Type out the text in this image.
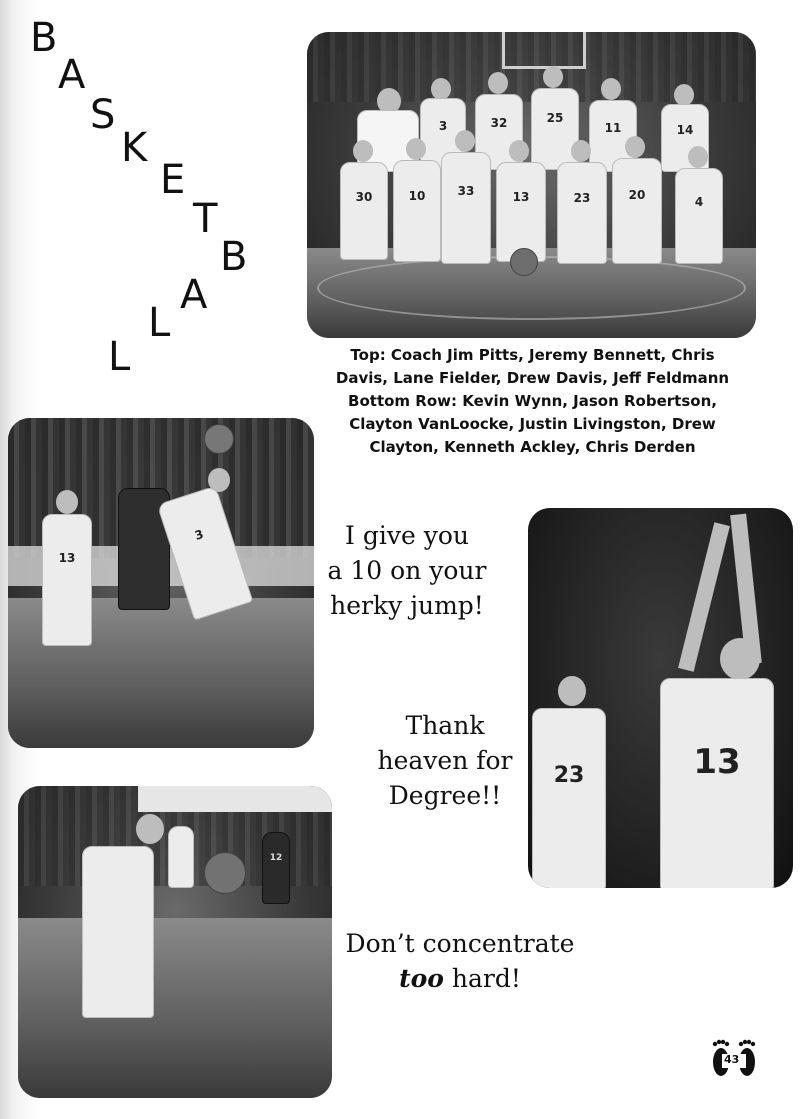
B
A
S
K
E
T
B
A
L
L
3	32	25
11	14
30	10	33	13	23	20
4
Top: Coach Jim Pitts, Jeremy Bennett, Chris
Davis, Lane Fielder, Drew Davis, Jeff Feldmann
Bottom Row: Kevin Wynn, Jason Robertson,
Clayton VanLoocke, Justin Livingston, Drew
Clayton, Kenneth Ackley, Chris Derden
13
3	I give you
a 10 on your
herky jump!
23	13
Thank
heaven for
Degree!!
12
Don’t concentrate
too hard!
43
